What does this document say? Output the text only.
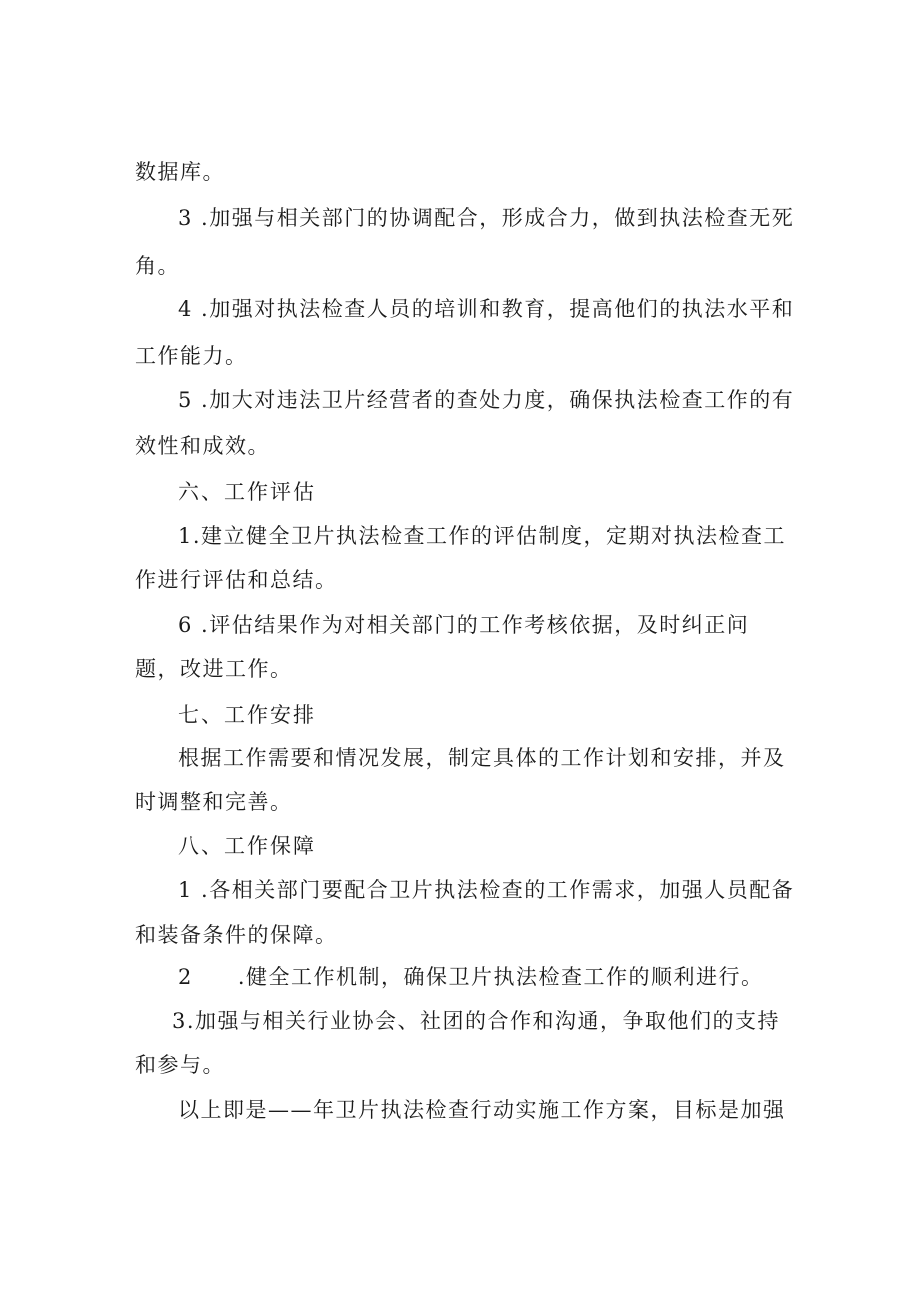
数据库。
3 .加强与相关部门的协调配合，形成合力，做到执法检查无死
角。
4 .加强对执法检查人员的培训和教育，提高他们的执法水平和
工作能力。
5 .加大对违法卫片经营者的查处力度，确保执法检查工作的有
效性和成效。
六、工作评估
1.建立健全卫片执法检查工作的评估制度，定期对执法检查工
作进行评估和总结。
6 .评估结果作为对相关部门的工作考核依据，及时纠正问
题，改进工作。
七、工作安排
根据工作需要和情况发展，制定具体的工作计划和安排，并及
时调整和完善。
八、工作保障
1 .各相关部门要配合卫片执法检查的工作需求，加强人员配备
和装备条件的保障。
2　　.健全工作机制，确保卫片执法检查工作的顺利进行。
3.加强与相关行业协会、社团的合作和沟通，争取他们的支持
和参与。
以上即是——年卫片执法检查行动实施工作方案，目标是加强
